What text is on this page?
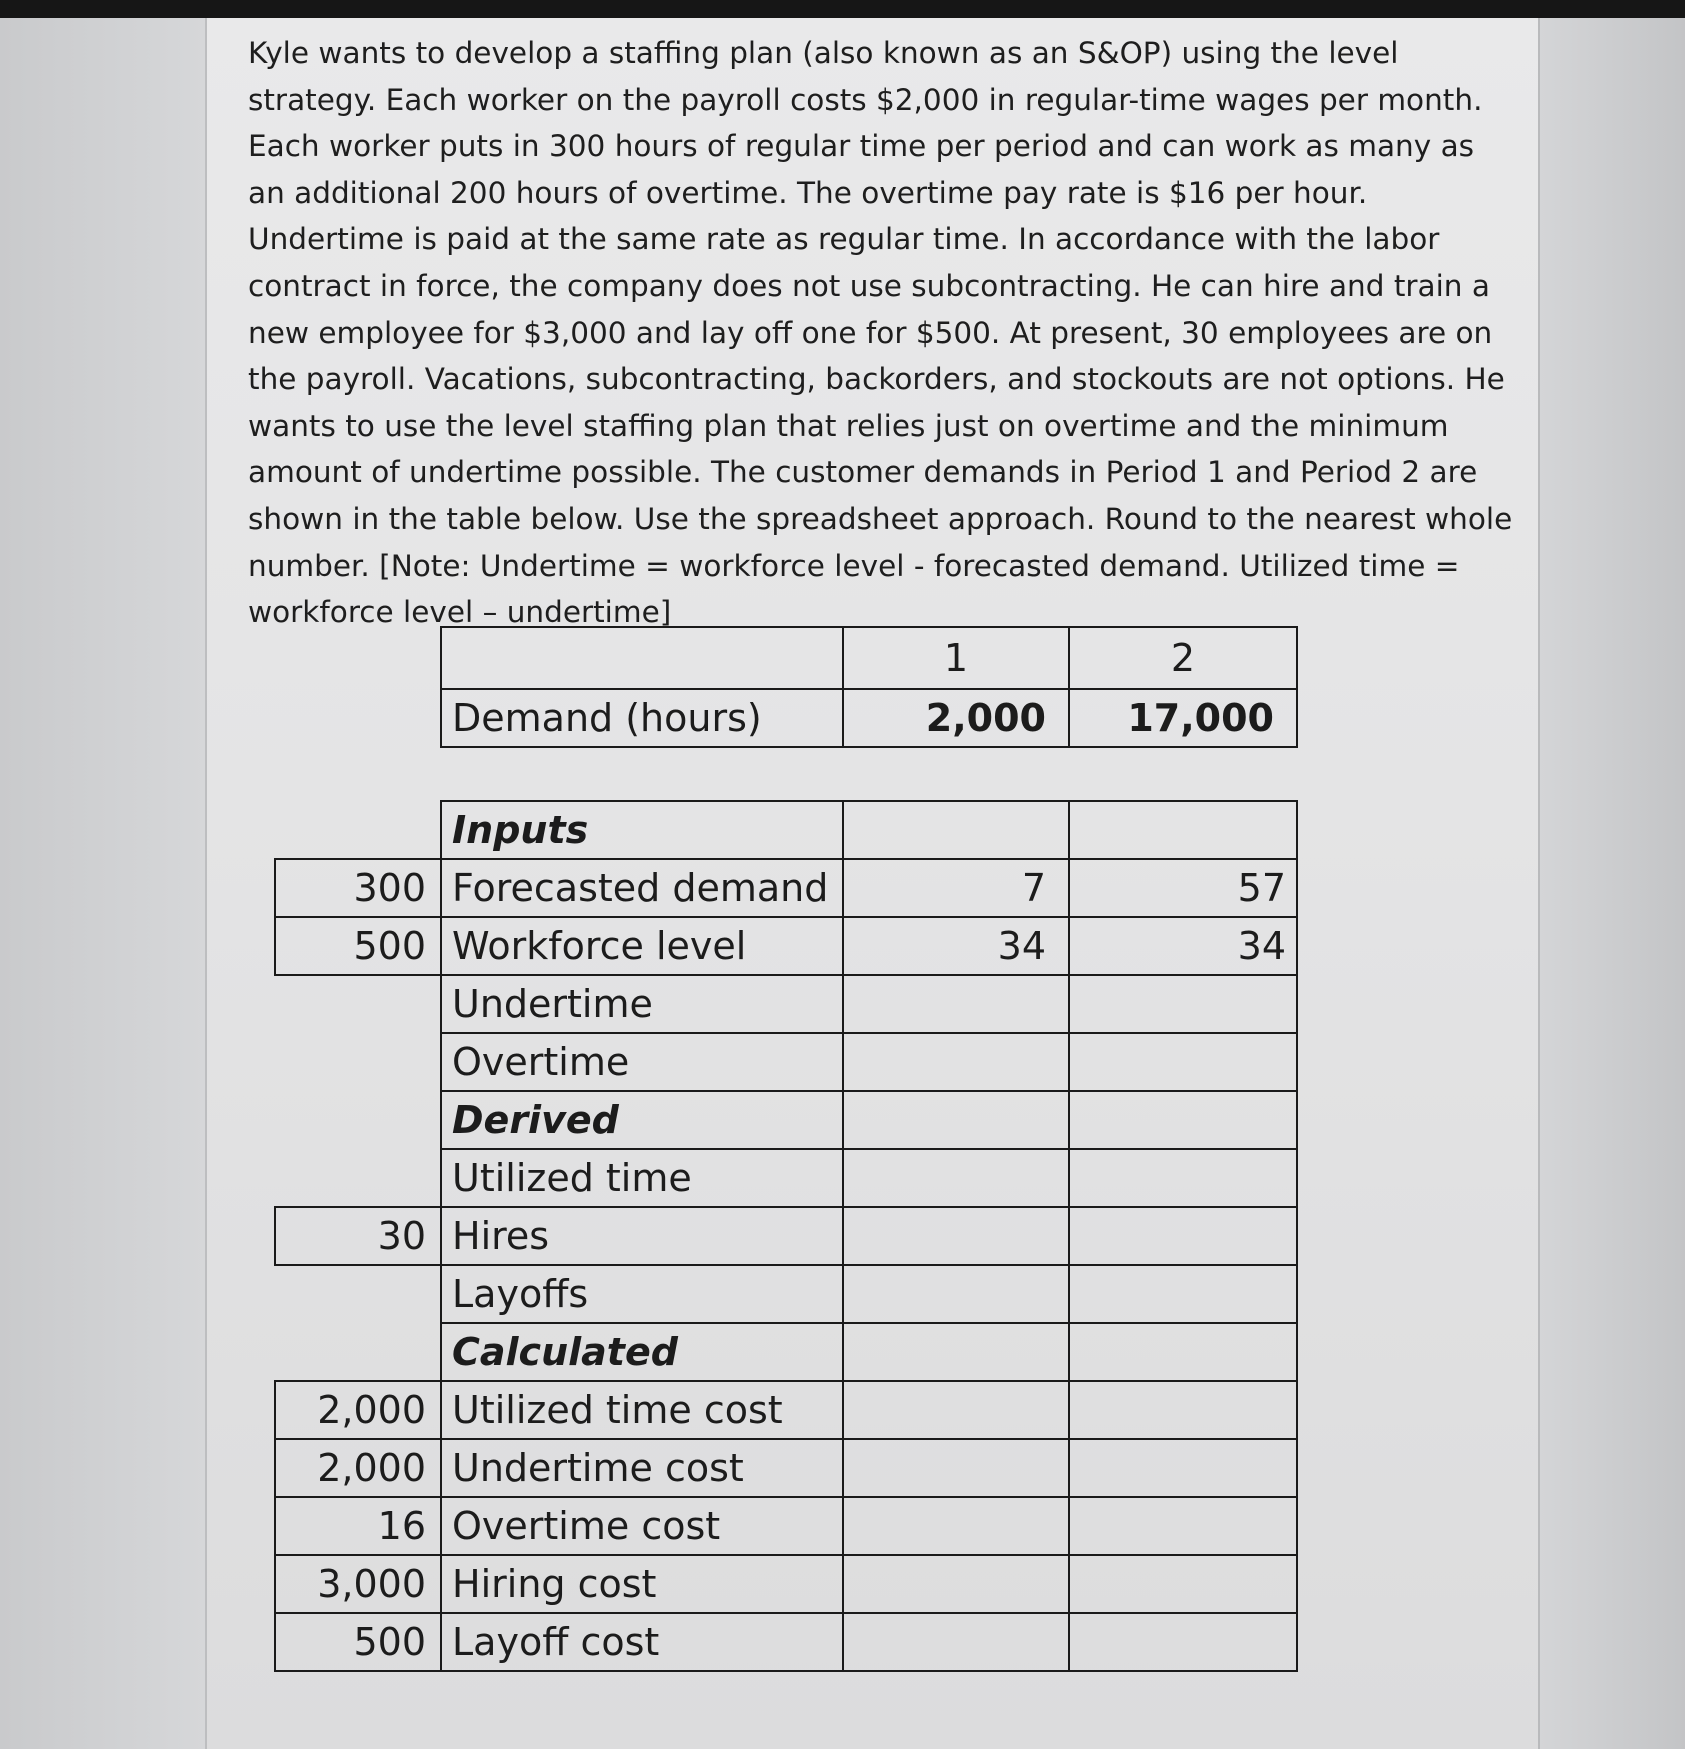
Kyle wants to develop a staffing plan (also known as an S&OP) using the level strategy. Each worker on the payroll costs $2,000 in regular-time wages per month. Each worker puts in 300 hours of regular time per period and can work as many as an additional 200 hours of overtime. The overtime pay rate is $16 per hour. Undertime is paid at the same rate as regular time. In accordance with the labor contract in force, the company does not use subcontracting. He can hire and train a new employee for $3,000 and lay off one for $500. At present, 30 employees are on the payroll. Vacations, subcontracting, backorders, and stockouts are not options. He wants to use the level staffing plan that relies just on overtime and the minimum amount of undertime possible. The customer demands in Period 1 and Period 2 are shown in the table below. Use the spreadsheet approach. Round to the nearest whole number. [Note: Undertime = workforce level - forecasted demand. Utilized time = workforce level – undertime]

	1	2
Demand (hours)	2,000	17,000
	Inputs		
300	Forecasted demand	7	57
500	Workforce level	34	34
	Undertime		
	Overtime		
	Derived		
	Utilized time		
30	Hires		
	Layoffs		
	Calculated		
2,000	Utilized time cost		
2,000	Undertime cost		
16	Overtime cost		
3,000	Hiring cost		
500	Layoff cost		
